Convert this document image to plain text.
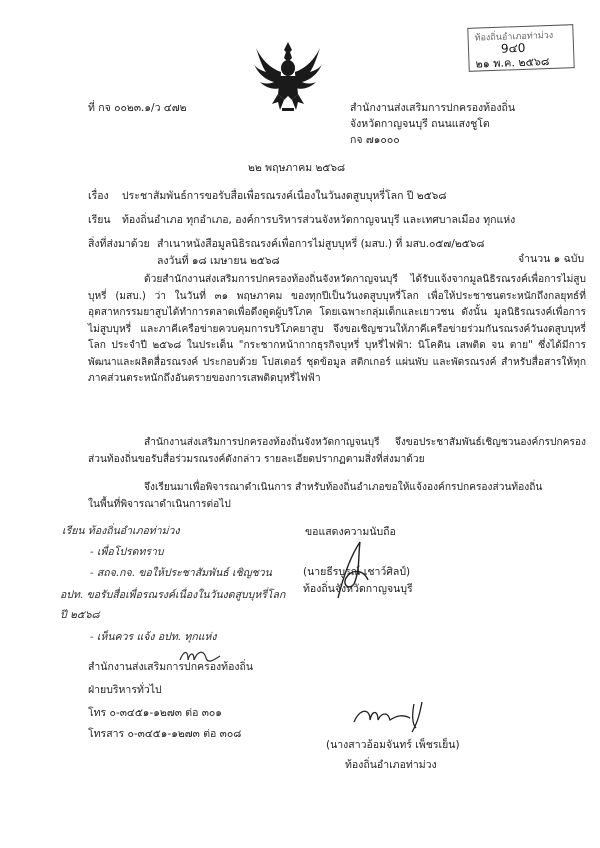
ท้องถิ่นอำเภอท่าม่วง
9๔0
๒๑ พ.ค. ๒๕๖๘
ที่ กจ ๐๐๒๓.๑/ว ๔๗๒	สำนักงานส่งเสริมการปกครองท้องถิ่น
จังหวัดกาญจนบุรี ถนนแสงชูโต
กจ ๗๑๐๐๐
๒๒ พฤษภาคม ๒๕๖๘
เรื่อง ประชาสัมพันธ์การขอรับสื่อเพื่อรณรงค์เนื่องในวันงดสูบบุหรี่โลก ปี ๒๕๖๘
เรียน ท้องถิ่นอำเภอ ทุกอำเภอ, องค์การบริหารส่วนจังหวัดกาญจนบุรี และเทศบาลเมือง ทุกแห่ง
สิ่งที่ส่งมาด้วย สำเนาหนังสือมูลนิธิรณรงค์เพื่อการไม่สูบบุหรี่ (มสบ.) ที่ มสบ.๐๕๗/๒๕๖๘
ลงวันที่ ๑๘ เมษายน ๒๕๖๘	จำนวน ๑ ฉบับ
ด้วยสำนักงานส่งเสริมการปกครองท้องถิ่นจังหวัดกาญจนบุรี ได้รับแจ้งจากมูลนิธิรณรงค์เพื่อการไม่สูบบุหรี่ (มสบ.) ว่า ในวันที่ ๓๑ พฤษภาคม ของทุกปีเป็นวันงดสูบบุหรี่โลก เพื่อให้ประชาชนตระหนักถึงกลยุทธ์ที่อุตสาหกรรมยาสูบได้ทำการตลาดเพื่อดึงดูดผู้บริโภค โดยเฉพาะกลุ่มเด็กและเยาวชน ดังนั้น มูลนิธิรณรงค์เพื่อการไม่สูบบุหรี่ และภาคีเครือข่ายควบคุมการบริโภคยาสูบ จึงขอเชิญชวนให้ภาคีเครือข่ายร่วมกันรณรงค์วันงดสูบบุหรี่โลก ประจำปี ๒๕๖๘ ในประเด็น "กระชากหน้ากากธุรกิจบุหรี่ บุหรี่ไฟฟ้า: นิโคติน เสพติด จน ตาย" ซึ่งได้มีการพัฒนาและผลิตสื่อรณรงค์ ประกอบด้วย โปสเตอร์ ชุดข้อมูล สติกเกอร์ แผ่นพับ และพัดรณรงค์ สำหรับสื่อสารให้ทุกภาคส่วนตระหนักถึงอันตรายของการเสพติดบุหรี่ไฟฟ้า
สำนักงานส่งเสริมการปกครองท้องถิ่นจังหวัดกาญจนบุรี จึงขอประชาสัมพันธ์เชิญชวนองค์กรปกครองส่วนท้องถิ่นขอรับสื่อร่วมรณรงค์ดังกล่าว รายละเอียดปรากฏตามสิ่งที่ส่งมาด้วย
จึงเรียนมาเพื่อพิจารณาดำเนินการ สำหรับท้องถิ่นอำเภอขอให้แจ้งองค์กรปกครองส่วนท้องถิ่น
ในพื้นที่พิจารณาดำเนินการต่อไป
เรียน ท้องถิ่นอำเภอท่าม่วง
- เพื่อโปรดทราบ
- สถจ.กจ. ขอให้ประชาสัมพันธ์ เชิญชวน
อปท. ขอรับสื่อเพื่อรณรงค์เนื่องในวันงดสูบบุหรี่โลก
ปี ๒๕๖๘
- เห็นควร แจ้ง อปท. ทุกแห่ง
ขอแสดงความนับถือ
(นายธีรบูรณ์ เชาว์ศิลป์)
ท้องถิ่นจังหวัดกาญจนบุรี
สำนักงานส่งเสริมการปกครองท้องถิ่น
ฝ่ายบริหารทั่วไป
โทร ๐-๓๔๕๑-๑๒๗๓ ต่อ ๓๐๑
โทรสาร ๐-๓๔๕๑-๑๒๗๓ ต่อ ๓๐๘
(นางสาวอ้อมจันทร์ เพ็ชรเย็น)
ท้องถิ่นอำเภอท่าม่วง
